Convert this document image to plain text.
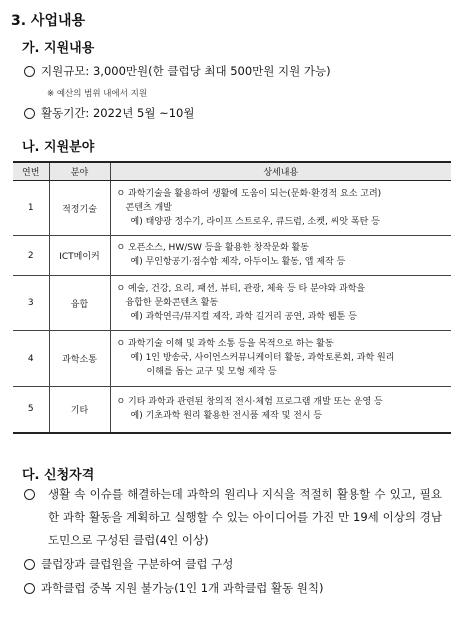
3. 사업내용
가. 지원내용
지원규모: 3,000만원(한 클럽당 최대 500만원 지원 가능)
※ 예산의 범위 내에서 지원
활동기간: 2022년 5월 ~10월
나. 지원분야
연번	분야	상세내용
1	적정기술	ㅇ 과학기술을 활용하여 생활에 도움이 되는(문화·환경적 요소 고려)
콘텐츠 개발
예) 태양광 정수기, 라이프 스트로우, 큐드럼, 소켓, 씨앗 폭탄 등

2	ICT메이커	ㅇ 오픈소스, HW/SW 등을 활용한 창작문화 활동
예) 무인항공기·점수함 제작, 아두이노 활동, 앱 제작 등

3	융합	ㅇ 예술, 건강, 요리, 패션, 뷰티, 관광, 체육 등 타 분야와 과학을
융합한 문화콘텐츠 활동
예) 과학연극/뮤지컬 제작, 과학 길거리 공연, 과학 웹툰 등

4	과학소통	ㅇ 과학기술 이해 및 과학 소통 등을 목적으로 하는 활동
예) 1인 방송국, 사이언스커뮤니케이터 활동, 과학토론회, 과학 원리
이해를 돕는 교구 및 모형 제작 등

5	기타	ㅇ 기타 과학과 관련된 창의적 전시·체험 프로그램 개발 또는 운영 등
예) 기초과학 원리 활용한 전시품 제작 및 전시 등
다. 신청자격
생활 속 이슈를 해결하는데 과학의 원리나 지식을 적절히 활용할 수 있고, 필요한 과학 활동을 계획하고 실행할 수 있는 아이디어를 가진 만 19세 이상의 경남도민으로 구성된 클럽(4인 이상)
클럽장과 클럽원을 구분하여 클럽 구성
과학클럽 중복 지원 불가능(1인 1개 과학클럽 활동 원칙)
